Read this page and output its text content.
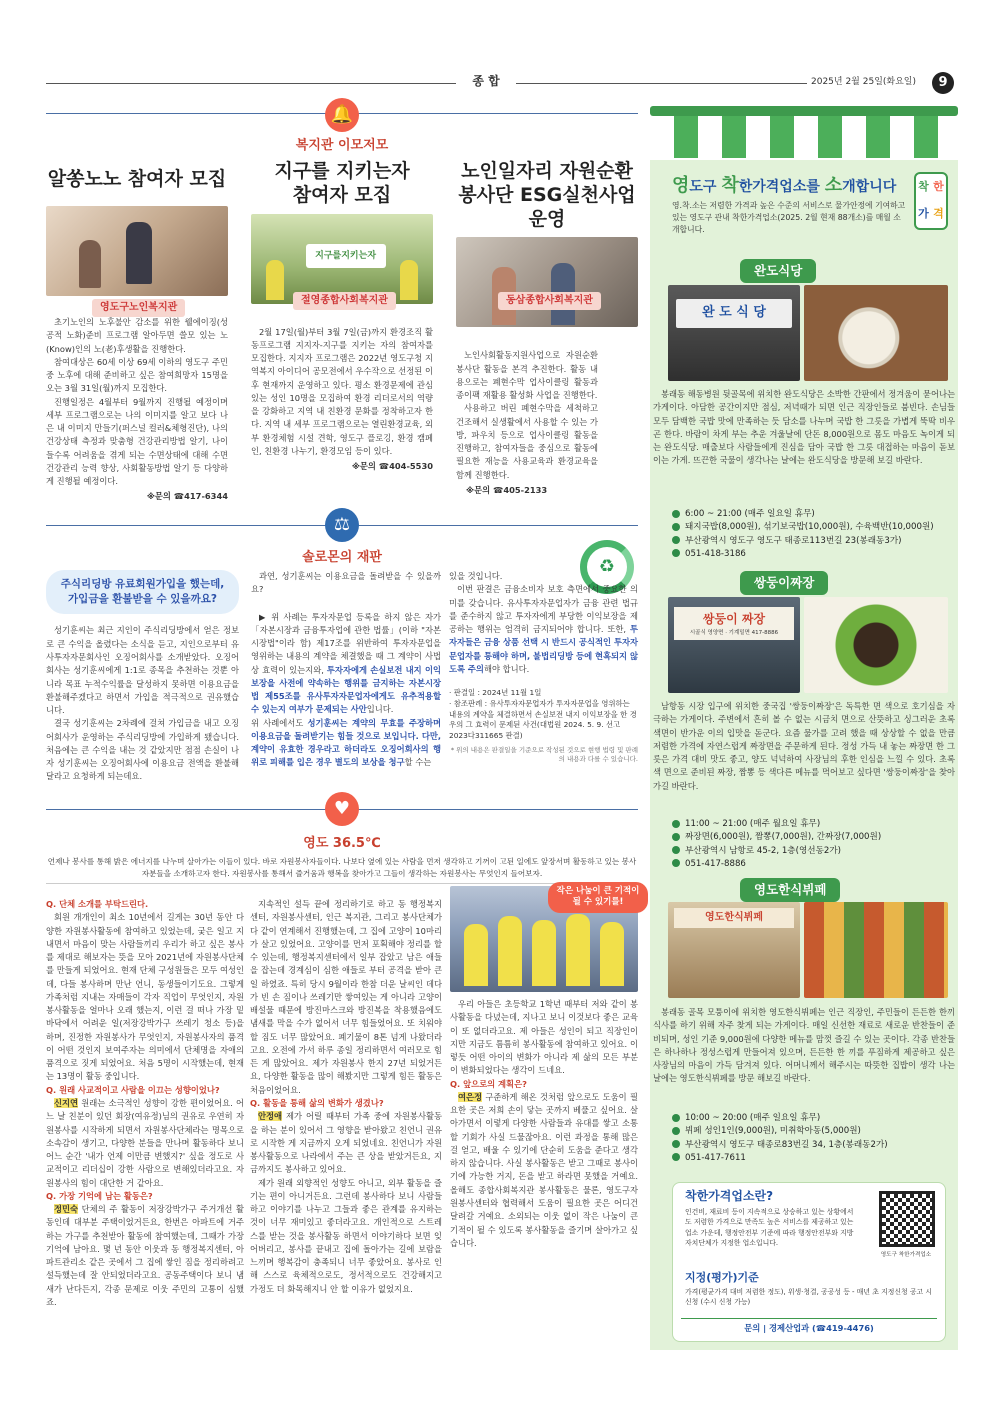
종 합	2025년 2월 25일(화요일)	9
🔔
복지관 이모저모
알쏭노노 참여자 모집
영도구노인복지관

초기노인의 노후불안 감소를 위한 웰에이징(성공적 노화)준비 프로그램 알아두면 쓸모 있는 노(Know)인의 노(老)후생활을 진행한다.

참여대상은 60세 이상 69세 이하의 영도구 주민 중 노후에 대해 준비하고 싶은 참여희망자 15명을 오는 3월 31일(월)까지 모집한다.

진행일정은 4월부터 9월까지 진행될 예정이며 세부 프로그램으로는 나의 이미지를 알고 보다 나은 내 이미지 만들기(퍼스널 컬러&체형진단), 나의 건강상태 측정과 맞춤형 건강관리방법 알기, 나이들수록 어려움을 겪게 되는 수면상태에 대해 수면건강관리 능력 향상, 사회활동방법 알기 등 다양하게 진행될 예정이다.

※문의 ☎417-6344
지구를 지키는자
참여자 모집
지구를지키는자
절영종합사회복지관

2월 17일(월)부터 3월 7일(금)까지 환경조직 활동프로그램 지지자-지구를 지키는 자의 참여자를 모집한다. 지지자 프로그램은 2022년 영도구청 지역복지 아이디어 공모전에서 우수작으로 선정된 이후 현재까지 운영하고 있다. 평소 환경문제에 관심 있는 성인 10명을 모집하여 환경 리더로서의 역량을 강화하고 지역 내 친환경 문화를 정착하고자 한다. 지역 내 세부 프로그램으로는 열린환경교육, 외부 환경체험 시설 견학, 영도구 플로깅, 환경 캠페인, 친환경 나누기, 환경모임 등이 있다.

※문의 ☎404-5530
노인일자리 자원순환
봉사단 ESG실천사업 운영
동삼종합사회복지관

노인사회활동지원사업으로 자원순환봉사단 활동을 본격 추진한다. 활동 내용으로는 폐현수막 업사이클링 활동과 종이팩 재활용 활성화 사업을 진행한다.

사용하고 버린 폐현수막을 세척하고 건조해서 실생활에서 사용할 수 있는 가방, 파우치 등으로 업사이클링 활동을 진행하고, 참여자들을 중심으로 활동에 필요한 재능을 사용교육과 환경교육을 함께 진행한다.

※문의 ☎405-2133
♻
⚖
솔로몬의 재판
주식리딩방 유료회원가입을 했는데, 가입금을 환불받을 수 있을까요?

성기훈씨는 최근 지인이 주식리딩방에서 얻은 정보로 큰 수익을 올렸다는 소식을 듣고, 지인으로부터 유사투자자문회사인 오징어회사를 소개받았다. 오징어회사는 성기훈씨에게 1:1로 종목을 추천하는 것뿐 아니라 목표 누적수익률을 달성하지 못하면 이용요금을 환불해주겠다고 하면서 가입을 적극적으로 권유했습니다.

결국 성기훈씨는 2차례에 걸쳐 가입금을 내고 오징어회사가 운영하는 주식리딩방에 가입하게 됐습니다. 처음에는 큰 수익을 내는 것 같았지만 점점 손실이 나자 성기훈씨는 오징어회사에 이용요금 전액을 환불해달라고 요청하게 되는데요.

과연, 성기훈씨는 이용요금을 돌려받을 수 있을까요?

▶ 위 사례는 투자자문업 등록을 하지 않은 자가 「자본시장과 금융투자업에 관한 법률」(이하 "자본시장법"이라 함) 제17조를 위반하여 투자자문업을 영위하는 내용의 계약을 체결했을 때 그 계약이 사법상 효력이 있는지와, 투자자에게 손실보전 내지 이익보장을 사전에 약속하는 행위를 금지하는 자본시장법 제55조를 유사투자자문업자에게도 유추적용할 수 있는지 여부가 문제되는 사안입니다.

위 사례에서도 성기훈씨는 계약의 무효를 주장하며 이용요금을 돌려받기는 힘들 것으로 보입니다. 다만, 계약이 유효한 경우라고 하더라도 오징어회사의 행위로 피해를 입은 경우 별도의 보상을 청구할 수는

있을 것입니다.

이번 판결은 금융소비자 보호 측면에서 중요한 의미를 갖습니다. 유사투자자문업자가 금융 관련 법규를 준수하지 않고 투자자에게 부당한 이익보장을 제공하는 행위는 엄격히 금지되어야 합니다. 또한, 투자자들은 금융 상품 선택 시 반드시 공식적인 투자자문업자를 통해야 하며, 불법리딩방 등에 현혹되지 않도록 주의해야 합니다.

· 판결일 : 2024년 11월 1일
· 참조판례 : 유사투자자문업자가 투자자문업을 영위하는 내용의 계약을 체결하면서 손실보전 내지 이익보장을 한 경우의 그 효력이 문제된 사건(대법원 2024. 5. 9. 선고 2023다311665 판결)
* 위의 내용은 판결일을 기준으로 작성된 것으로 현행 법령 및 판례의 내용과 다를 수 있습니다.
♥
영도 36.5℃
언제나 봉사를 통해 밝은 에너지를 나누며 살아가는 이들이 있다. 바로 자원봉사자들이다. 나보다 옆에 있는 사람을 먼저 생각하고 기꺼이 고된 일에도 앞장서며 활동하고 있는 봉사자분들을 소개하고자 한다. 자원봉사를 통해서 즐거움과 행복을 찾아가고 그들이 생각하는 자원봉사는 무엇인지 들어보자.
Q. 단체 소개를 부탁드린다.

회원 개개인이 최소 10년에서 길게는 30년 동안 다양한 자원봉사활동에 참여하고 있었는데, 궂은 일고 지내면서 마음이 맞는 사람들끼리 우리가 하고 싶은 봉사를 제대로 해보자는 뜻을 모아 2021년에 자원봉사단체를 만들게 되었어요. 현재 단체 구성원들은 모두 여성인데, 다들 봉사하며 만난 언니, 동생들이기도요. 그렇게 가족처럼 지내는 자매들이 각자 직업이 무엇인지, 자원봉사활동을 얼마나 오래 했는지, 이런 걸 떠나 가장 밑바닥에서 어려운 일(저장강박가구 쓰레기 청소 등)을 하며, 진정한 자원봉사가 무엇인지, 자원봉사자의 품격이 어떤 것인지 보여주자는 의미에서 단체명을 자애의 품격으로 짓게 되었어요. 처음 5명이 시작했는데, 현재는 13명이 활동 중입니다.

Q. 원래 사교적이고 사람을 이끄는 성향이었나?

신지연 원래는 소극적인 성향이 강한 편이었어요. 어느 날 친분이 있던 회장(여유정)님의 권유로 우연히 자원봉사를 시작하게 되면서 자원봉사단체라는 명목으로 소속감이 생기고, 다양한 분들을 만나며 활동하다 보니 어느 순간 '내가 언제 이만큼 변했지?' 싶을 정도로 사교적이고 리더십이 강한 사람으로 변해있더라고요. 자원봉사의 힘이 대단한 거 같아요.

Q. 가장 기억에 남는 활동은?

정민숙 단체의 주 활동이 저장강박가구 주거개선 활동인데 대부분 주택이었거든요, 한번은 아파트에 거주하는 가구를 추천받아 활동에 참여했는데, 그때가 가장 기억에 남아요. 몇 년 동안 이웃과 동 행정복지센터, 아파트관리소 같은 곳에서 그 집에 쌓인 짐을 정리하려고 설득했는데 잘 안되었더라고요. 공동주택이다 보니 냄새가 난다든지, 각종 문제로 이웃 주민의 고통이 심했죠.

지속적인 설득 끝에 정리하기로 하고 동 행정복지센터, 자원봉사센터, 인근 복지관, 그리고 봉사단체가 다 같이 연계해서 진행했는데, 그 집에 고양이 10마리가 살고 있었어요. 고양이를 먼저 포획해야 정리를 할 수 있는데, 행정복지센터에서 일부 잡았고 남은 애들을 잡는데 경계심이 심한 애들로 부터 공격을 받아 큰일 하였죠. 특히 당시 9월이라 한참 더운 날씨인 데다가 빈 손 짐이나 쓰레기만 쌓여있는 게 아니라 고양이 배설물 때문에 방진마스크와 방진복을 착용했음에도 냄새를 막을 수가 없어서 너무 힘들었어요. 또 치워야 할 짐도 너무 많았어요. 폐기물이 8톤 넘게 나왔더라고요. 오전에 가서 하루 종일 정리하면서 여러모로 힘든 게 많았어요. 제가 자원봉사 한지 27년 되었거든요, 다양한 활동을 많이 해봤지만 그렇게 힘든 활동은 처음이었어요.

Q. 활동을 통해 삶의 변화가 생겼나?

안정애 제가 어릴 때부터 가족 중에 자원봉사활동을 하는 분이 있어서 그 영향을 받아왔고 친언니 권유로 시작한 게 지금까지 오게 되었네요. 친언니가 자원봉사활동으로 나라에서 주는 큰 상을 받았거든요, 지금까지도 봉사하고 있어요.

제가 원래 외향적인 성향도 아니고, 외부 활동을 즐기는 편이 아니거든요. 그런데 봉사하다 보니 사람들하고 이야기를 나누고 그들과 좋은 관계를 유지하는 것이 너무 재미있고 좋더라고요. 개인적으로 스트레스를 받는 것을 봉사활동 하면서 이야기하다 보면 잊어버리고, 봉사를 끝내고 집에 돌아가는 길에 보람을 느끼며 행복감이 충족되니 너무 좋았어요. 봉사로 인해 스스로 육체적으로도, 정서적으로도 건강해지고 가정도 더 화목해지니 안 할 이유가 없었지요.

작은 나눔이 큰 기적이 될 수 있기를!

우리 아들은 초등학교 1학년 때부터 저와 같이 봉사활동을 다녔는데, 지나고 보니 이것보다 좋은 교육이 또 없더라고요. 제 아들은 성인이 되고 직장인이지만 지금도 틈틈히 봉사활동에 참여하고 있어요. 이렇듯 어떤 아이의 변화가 아니라 제 삶의 모든 부분이 변화되었다는 생각이 드네요.

Q. 앞으로의 계획은?

여은정 구준하게 해온 것처럼 앞으로도 도움이 필요한 곳은 저희 손이 닿는 곳까지 베풀고 싶어요. 살아가면서 이렇게 다양한 사람들과 유대를 쌓고 소통할 기회가 사실 드물잖아요. 이런 과정을 통해 많은 걸 얻고, 배울 수 있기에 단순히 도움을 준다고 생각하지 않습니다. 사실 봉사활동은 받고 그때로 봉사이기에 가능한 거지, 돈을 받고 하라면 못했을 거예요. 올해도 종합사회복지관 봉사활동은 물론, 영도구자원봉사센터와 협력해서 도움이 필요한 곳은 어디건 달려갈 거예요. 소외되는 이웃 없이 작은 나눔이 큰 기적이 될 수 있도록 봉사활동을 즐기며 살아가고 싶습니다.

영도구 착한가격업소를 소개합니다 착 한
가 격
영.착.소는 저렴한 가격과 높은 수준의 서비스로 물가안정에 기여하고 있는 영도구 관내 착한가격업소(2025. 2월 현재 88개소)를 매월 소개합니다.
완도식당
완 도 식 당

봉래동 해동병원 뒷골목에 위치한 완도식당은 소박한 간판에서 정겨움이 묻어나는 가게이다. 아담한 공간이지만 점심, 저녁때가 되면 인근 직장인들로 붐빈다. 손님들 모두 담백한 국밥 맛에 만족하는 듯 담소를 나누며 국밥 한 그릇을 가볍게 뚝딱 비우곤 한다. 바람이 차게 부는 추운 겨울날에 단돈 8,000원으로 몸도 마음도 녹이게 되는 완도식당. 매출보다 사람들에게 진심을 담아 국밥 한 그릇 대접하는 마음이 돋보이는 가게. 뜨끈한 국물이 생각나는 날에는 완도식당을 방문해 보길 바란다.

6:00 ~ 21:00 (매주 일요일 휴무)
돼지국밥(8,000원), 섞기보국밥(10,000원), 수육백반(10,000원)
부산광역시 영도구 영도구 태종로113번길 23(봉래동3가)
051-418-3186
쌍둥이짜장
쌍둥이 짜장
시골식 영양면 · 기계밀면 417-8886

남항동 시장 입구에 위치한 중국집 '쌍둥이짜장'은 독특한 면 색으로 호기심을 자극하는 가게이다. 주변에서 흔히 볼 수 없는 시금치 면으로 산뜻하고 싱그러운 초록 색면이 반가운 이의 입맛을 돋군다. 요즘 물가를 고려 했을 때 상상할 수 없을 만큼 저렴한 가격에 자연스럽게 짜장면을 주문하게 된다. 정성 가득 내 놓는 짜장면 한 그릇은 가격 대비 맛도 좋고, 양도 넉넉하여 사장님의 후한 인심을 느낄 수 있다. 초록색 면으로 준비된 짜장, 짬뽕 등 색다른 메뉴를 먹어보고 싶다면 '쌍둥이짜장'을 찾아가길 바란다.

11:00 ~ 21:00 (매주 월요일 휴무)
짜장면(6,000원), 짬뽕(7,000원), 간짜장(7,000원)
부산광역시 남항로 45-2, 1층(영선동2가)
051-417-8886
영도한식뷔페
영도한식뷔페

봉래동 골목 모퉁이에 위치한 영도한식뷔페는 인근 직장인, 주민들이 든든한 한끼 식사를 하기 위해 자주 찾게 되는 가게이다. 매일 신선한 재료로 새로운 반찬들이 준비되며, 성인 기준 9,000원에 다양한 메뉴를 맘껏 즐길 수 있는 곳이다. 각종 반찬들은 하나하나 정성스럽게 만들어져 있으며, 든든한 한 끼를 푸짐하게 제공하고 싶은 사장님의 마음이 가득 담겨져 있다. 어머니께서 해주시는 따뜻한 집밥이 생각 나는 날에는 영도한식뷔페를 방문 해보길 바란다.

10:00 ~ 20:00 (매주 일요일 휴무)
뷔페 성인1인(9,000원), 미취학아동(5,000원)
부산광역시 영도구 태종로83번길 34, 1층(봉래동2가)
051-417-7611
착한가격업소란?
인건비, 재료비 등이 지속적으로 상승하고 있는 상황에서도 저렴한 가격으로 만족도 높은 서비스를 제공하고 있는 업소 가운데, 행정안전부 기준에 따라 행정안전부와 지방자치단체가 지정한 업소입니다.
영도구 착한가격업소
지정(평가)기준
가격(평균가격 대비 저렴한 정도), 위생·청결, 공공성 등 - 매년 초 지정신청 공고 시 신청 (수시 신청 가능)
문의 | 경제산업과 (☎419-4476)
